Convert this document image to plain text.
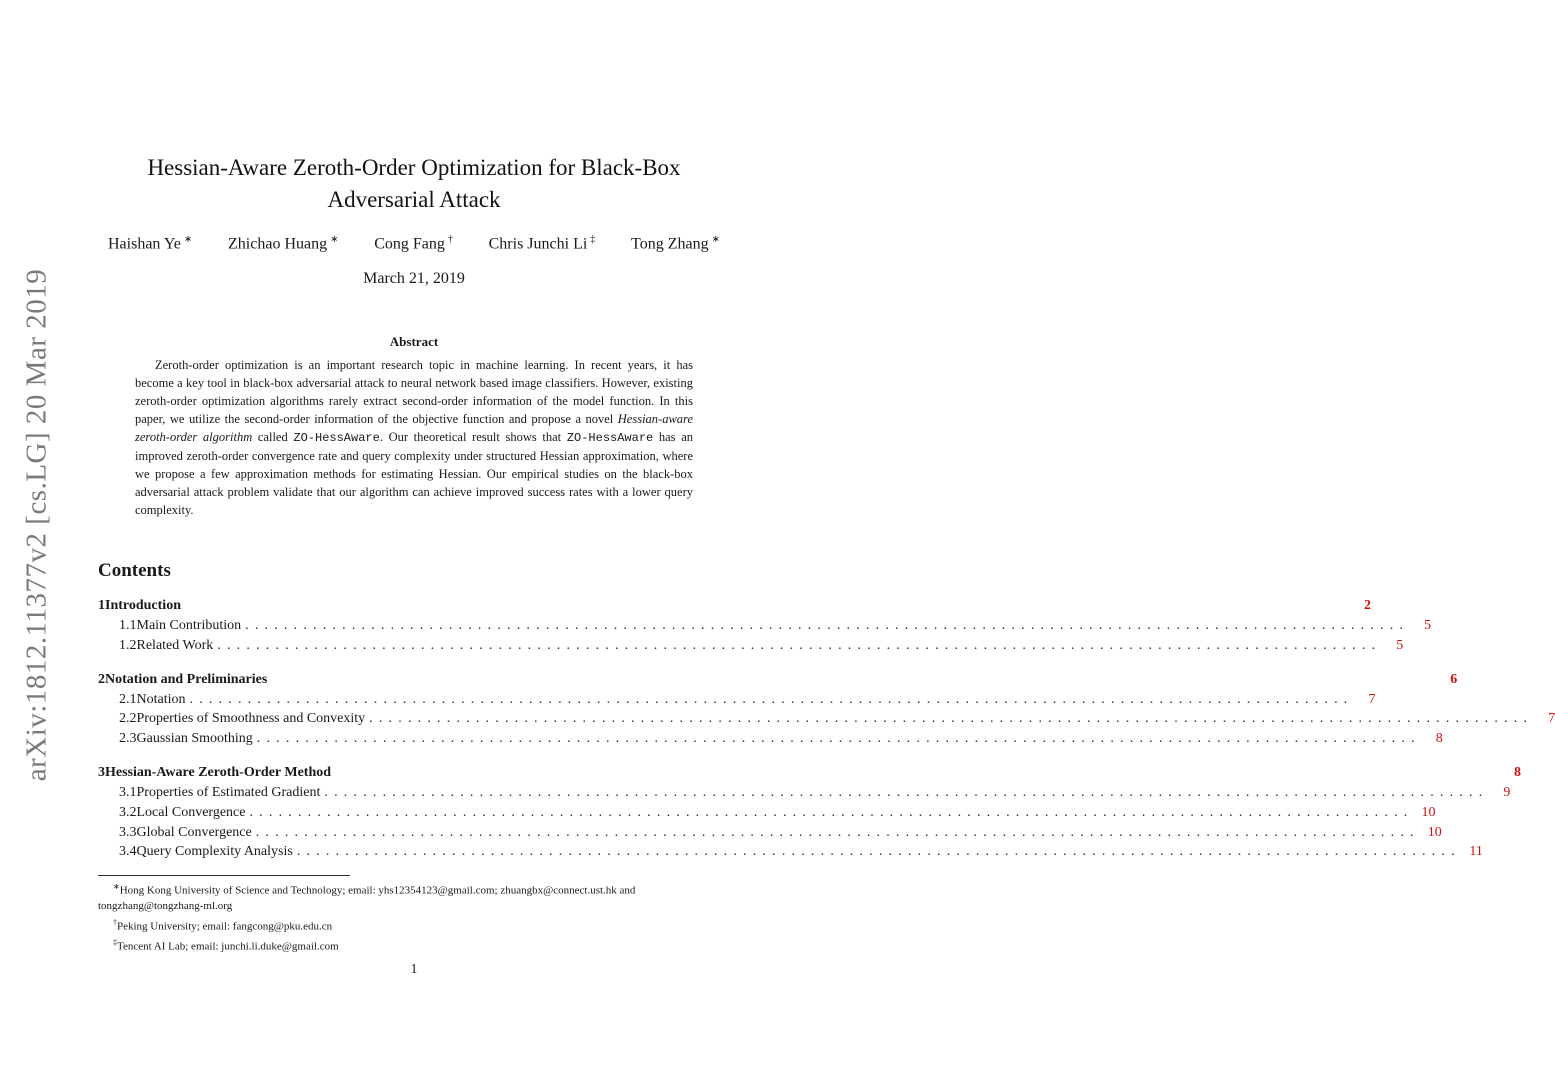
arXiv:1812.11377v2 [cs.LG] 20 Mar 2019
Hessian-Aware Zeroth-Order Optimization for Black-Box
Adversarial Attack
Haishan Ye ∗ Zhichao Huang ∗ Cong Fang † Chris Junchi Li ‡ Tong Zhang ∗
March 21, 2019
Abstract

Zeroth-order optimization is an important research topic in machine learning. In recent years, it has become a key tool in black-box adversarial attack to neural network based image classifiers. However, existing zeroth-order optimization algorithms rarely extract second-order information of the model function. In this paper, we utilize the second-order information of the objective function and propose a novel Hessian-aware zeroth-order algorithm called ZO-HessAware. Our theoretical result shows that ZO-HessAware has an improved zeroth-order convergence rate and query complexity under structured Hessian approximation, where we propose a few approximation methods for estimating Hessian. Our empirical studies on the black-box adversarial attack problem validate that our algorithm can achieve improved success rates with a lower query complexity.

Contents
1 Introduction	2
1.1 Main Contribution ........................................................................................................................	5
1.2 Related Work ........................................................................................................................	5
2 Notation and Preliminaries	6
2.1 Notation ........................................................................................................................	7
2.2 Properties of Smoothness and Convexity ........................................................................................................................	7
2.3 Gaussian Smoothing ........................................................................................................................	8
3 Hessian-Aware Zeroth-Order Method	8
3.1 Properties of Estimated Gradient ........................................................................................................................	9
3.2 Local Convergence ........................................................................................................................ 10
3.3 Global Convergence ........................................................................................................................ 10
3.4 Query Complexity Analysis ........................................................................................................................ 11

∗Hong Kong University of Science and Technology; email: yhs12354123@gmail.com; zhuangbx@connect.ust.hk and tongzhang@tongzhang-ml.org

†Peking University; email: fangcong@pku.edu.cn

‡Tencent AI Lab; email: junchi.li.duke@gmail.com

1
